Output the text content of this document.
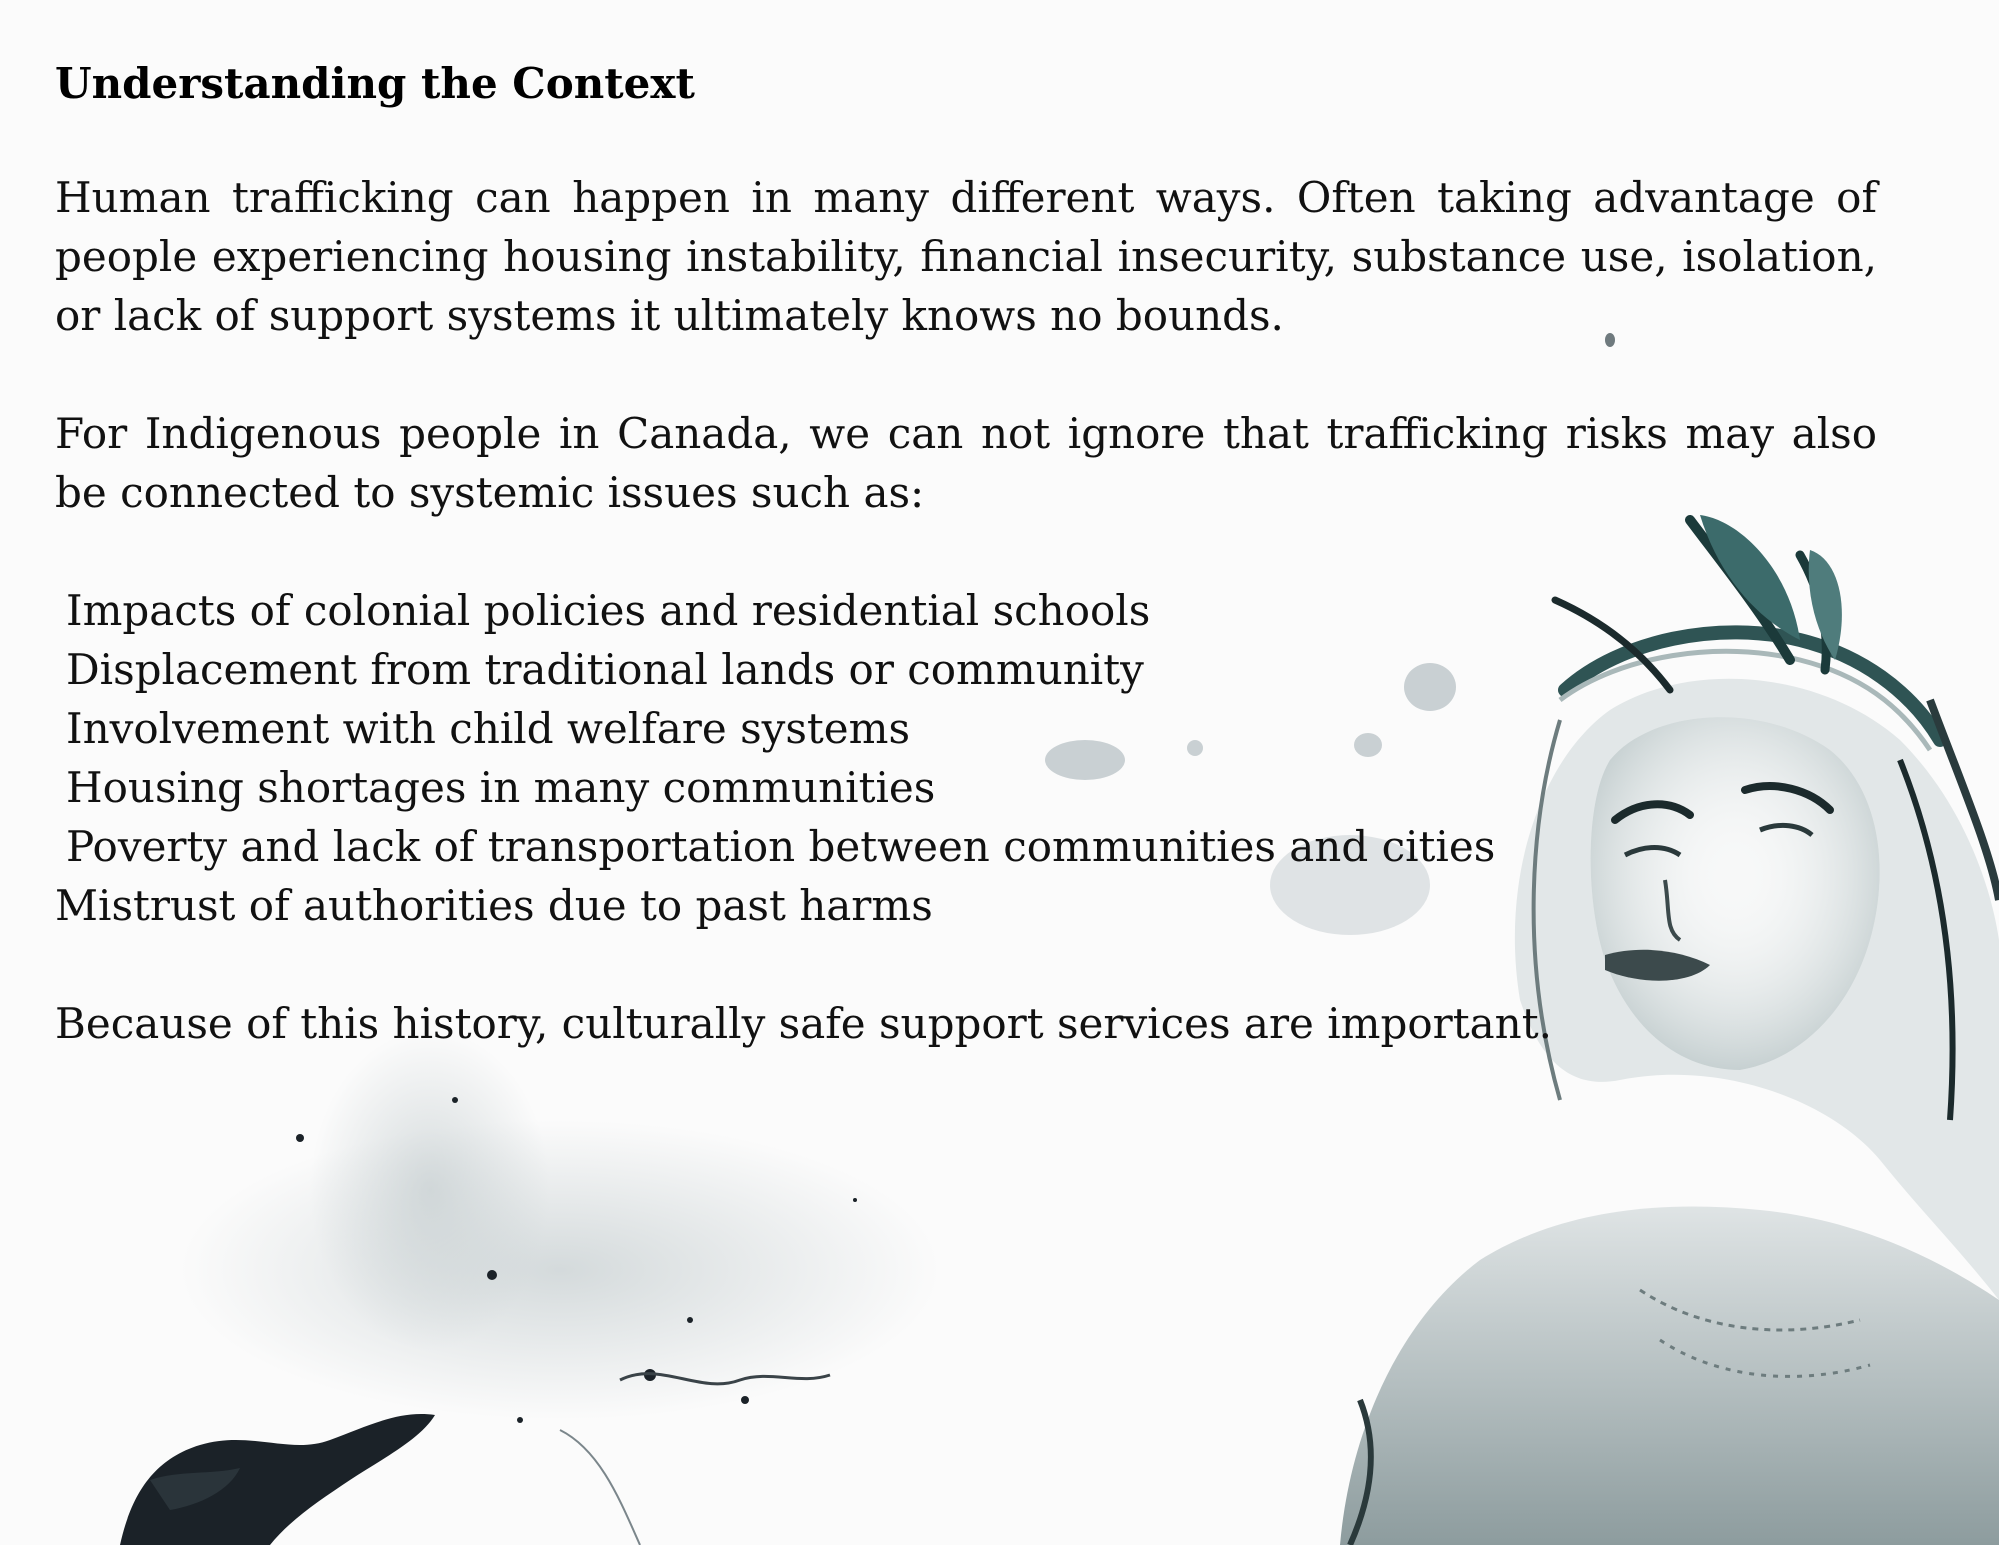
Understanding the Context

Human trafficking can happen in many different ways. Often taking advantage of people experiencing housing instability, financial insecurity, substance use, isolation, or lack of support systems it ultimately knows no bounds.

For Indigenous people in Canada, we can not ignore that trafficking risks may also be connected to systemic issues such as:

Impacts of colonial policies and residential schools
Displacement from traditional lands or community
Involvement with child welfare systems
Housing shortages in many communities
Poverty and lack of transportation between communities and cities
Mistrust of authorities due to past harms

Because of this history, culturally safe support services are important.
